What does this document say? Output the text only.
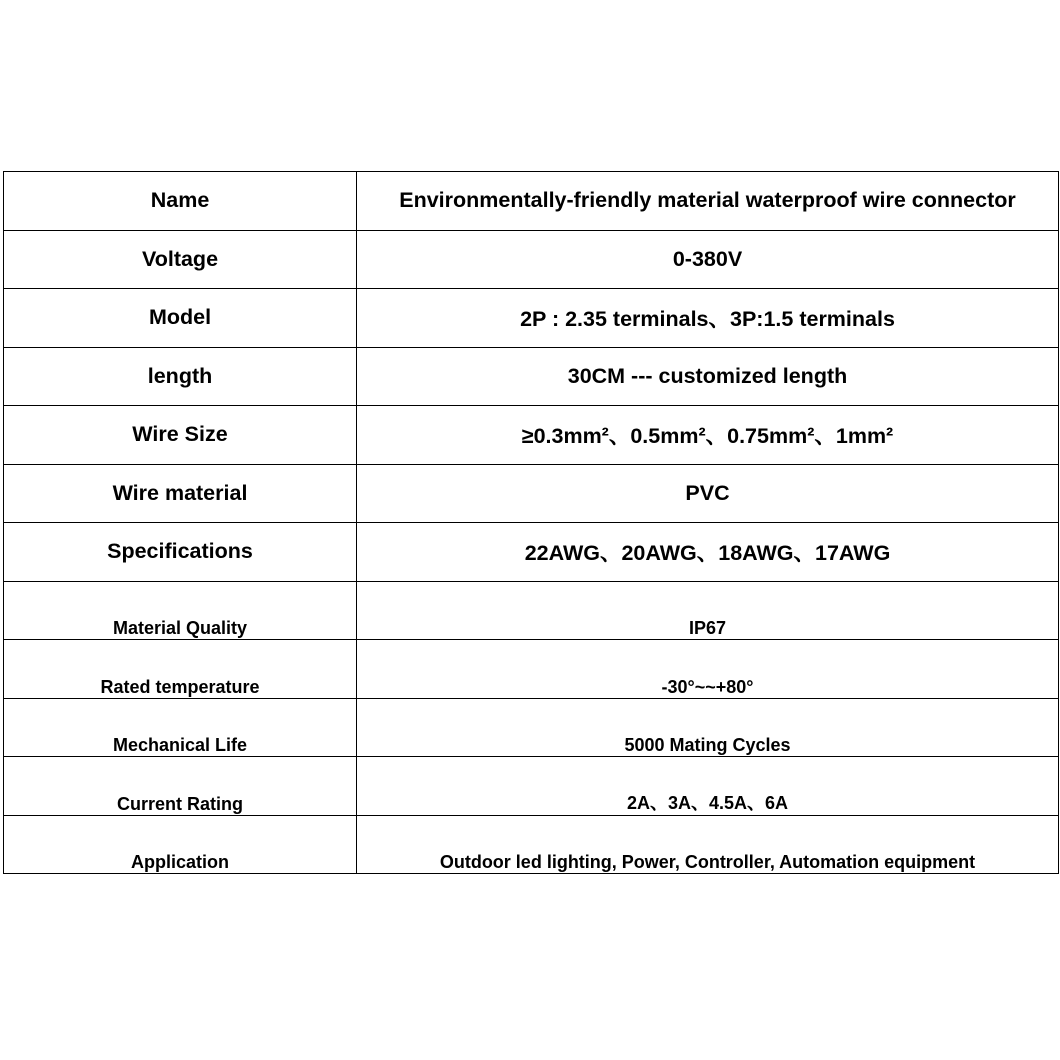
Name	Environmentally-friendly material waterproof wire connector
Voltage	0-380V
Model	2P : 2.35 terminals、3P:1.5 terminals
length	30CM --- customized length
Wire Size	≥0.3mm²、0.5mm²、0.75mm²、1mm²
Wire material	PVC
Specifications	22AWG、20AWG、18AWG、17AWG
Material Quality	IP67
Rated temperature	-30°~~+80°
Mechanical Life	5000 Mating Cycles
Current Rating	2A、3A、4.5A、6A
Application	Outdoor led lighting, Power, Controller, Automation equipment
